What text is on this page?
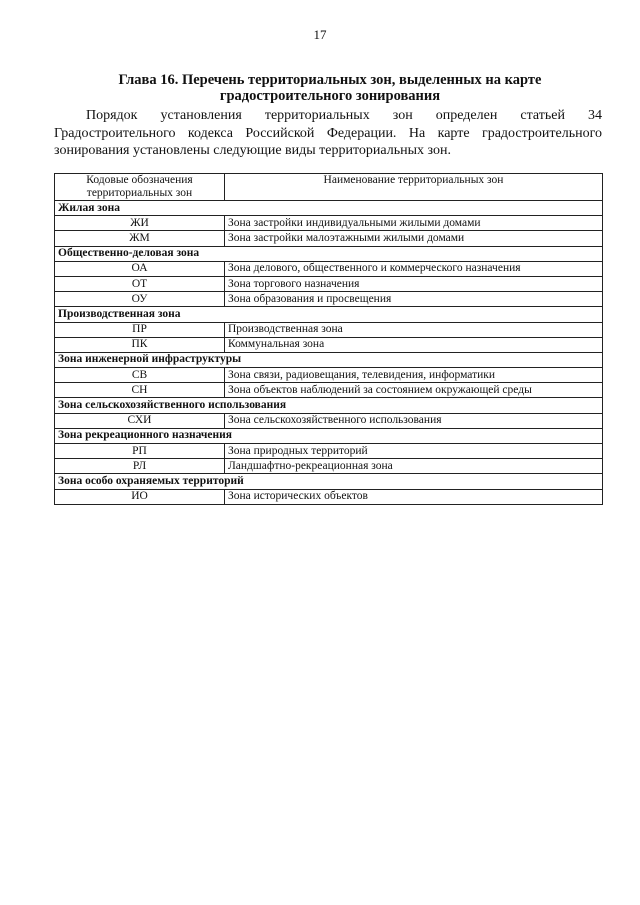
17
Глава 16. Перечень территориальных зон, выделенных на карте
градостроительного зонирования
Порядок установления территориальных зон определен статьей 34 Градостроительного кодекса Российской Федерации. На карте градостроительного зонирования установлены следующие виды территориальных зон.
Кодовые обозначения территориальных зон	Наименование территориальных зон
Жилая зона	
ЖИ	Зона застройки индивидуальными жилыми домами
ЖМ	Зона застройки малоэтажными жилыми домами
Общественно-деловая зона	
ОА	Зона делового, общественного и коммерческого назначения
ОТ	Зона торгового назначения
ОУ	Зона образования и просвещения
Производственная зона	
ПР	Производственная зона
ПК	Коммунальная зона
Зона инженерной инфраструктуры	
СВ	Зона связи, радиовещания, телевидения, информатики
СН	Зона объектов наблюдений за состоянием окружающей среды
Зона сельскохозяйственного использования	
СХИ	Зона сельскохозяйственного использования
Зона рекреационного назначения	
РП	Зона природных территорий
РЛ	Ландшафтно-рекреационная зона
Зона особо охраняемых территорий	
ИО	Зона исторических объектов
